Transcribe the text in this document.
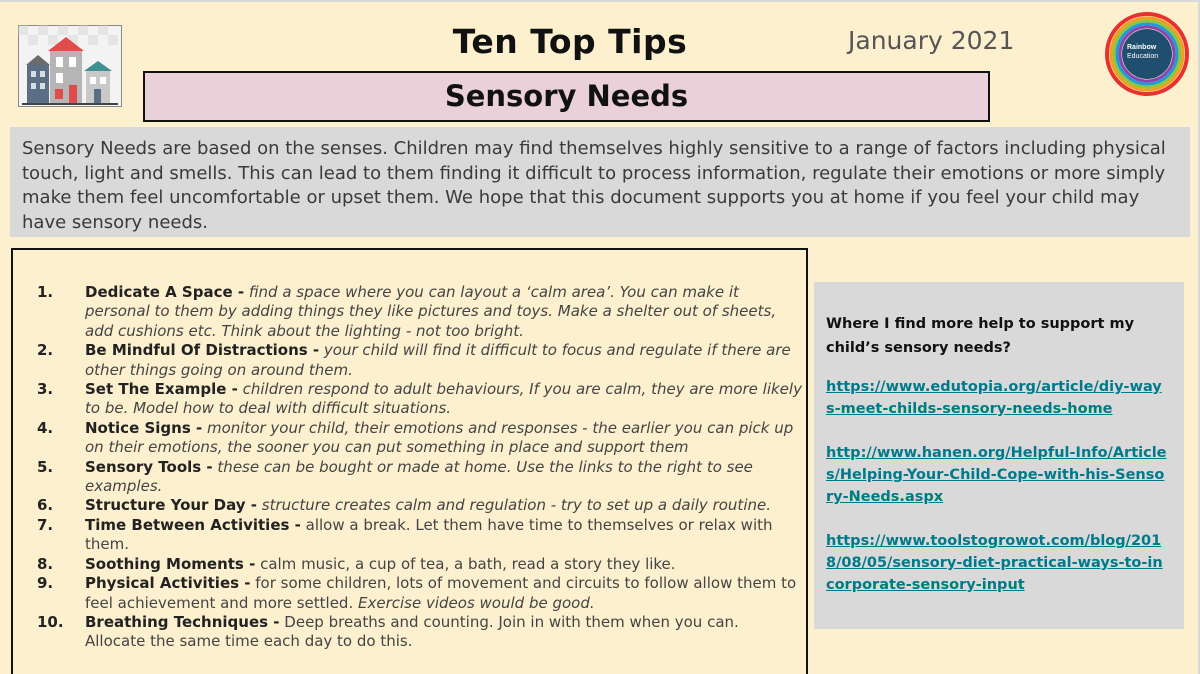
Ten Top Tips	January 2021	Rainbow
Education
Sensory Needs
Sensory Needs are based on the senses. Children may find themselves highly sensitive to a range of factors including physical touch, light and smells. This can lead to them finding it difficult to process information, regulate their emotions or more simply make them feel uncomfortable or upset them. We hope that this document supports you at home if you feel your child may have sensory needs.
1.	Dedicate A Space - find a space where you can layout a ‘calm area’. You can make it personal to them by adding things they like pictures and toys. Make a shelter out of sheets, add cushions etc. Think about the lighting - not too bright.
2.	Be Mindful Of Distractions - your child will find it difficult to focus and regulate if there are other things going on around them.
3.	Set The Example - children respond to adult behaviours, If you are calm, they are more likely to be. Model how to deal with difficult situations.
4.	Notice Signs - monitor your child, their emotions and responses - the earlier you can pick up on their emotions, the sooner you can put something in place and support them
5.	Sensory Tools - these can be bought or made at home. Use the links to the right to see examples.
6.	Structure Your Day - structure creates calm and regulation - try to set up a daily routine.
7.	Time Between Activities - allow a break. Let them have time to themselves or relax with them.
8.	Soothing Moments - calm music, a cup of tea, a bath, read a story they like.
9.	Physical Activities - for some children, lots of movement and circuits to follow allow them to feel achievement and more settled. Exercise videos would be good.
10.	Breathing Techniques - Deep breaths and counting. Join in with them when you can. Allocate the same time each day to do this.
Where I find more help to support my child’s sensory needs?
https://www.edutopia.org/article/diy-ways-meet-childs-sensory-needs-home
http://www.hanen.org/Helpful-Info/Articles/Helping-Your-Child-Cope-with-his-Sensory-Needs.aspx
https://www.toolstogrowot.com/blog/2018/08/05/sensory-diet-practical-ways-to-incorporate-sensory-input
